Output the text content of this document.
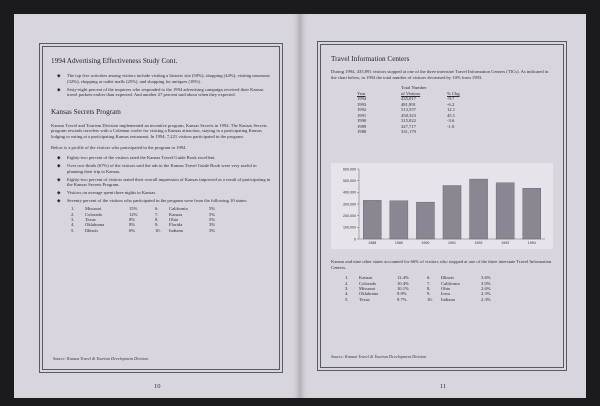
1994 Advertising Effectiveness Study Cont.
◆ The top five activities among visitors include visiting a historic site (50%), shopping (44%), visiting museums (32%), shopping at outlet malls (25%), and shopping for antiques (18%).
◆ Sixty-eight percent of the inquirers who responded to the 1994 advertising campaign received their Kansas travel packets earlier than expected. And another 27 percent said about when they expected.
Kansas Secrets Program

Kansas Travel and Tourism Division implemented an incentive program, Kansas Secrets in 1992. The Kansas Secrets program rewards travelers with a Coleman cooler for visiting a Kansas attraction, staying in a participating Kansas lodging or eating at a participating Kansas restaurant. In 1994, 7,221 visitors participated in the program.

Below is a profile of the visitors who participated in the program in 1994.

◆ Eighty-two percent of the visitors rated the Kansas Travel Guide Book excellent.
◆ Over two-thirds (67%) of the visitors said the ads in the Kansas Travel Guide Book were very useful in planning their trip to Kansas.
◆ Eighty-two percent of visitors stated their overall impression of Kansas improved as a result of participating in the Kansas Secrets Program.
◆ Visitors on average spent three nights in Kansas.
◆ Seventy percent of the visitors who participated in the program were from the following 10 states:
1.	Missouri	15%	6.	California	5%
2.	Colorado	12%	7.	Kansas	5%
3.	Texas	8%	8.	Ohio	5%
4.	Oklahoma	8%	9.	Florida	3%
5.	Illinois	6%	10.	Indiana	3%
Source: Kansas Travel & Tourism Development Division
10
Travel Information Centers

During 1994, 435,891 visitors stopped at one of the three interstate Travel Information Centers (TICs). As indicated in the chart below, in 1994 the total number of visitors decreased by 10% from 1993.

Total Number
Year	of Visitors	% Chg
1994	435,017	-9.7
1993	481,891	-6.2
1992	513,557	12.1
1991	458,323	45.1
1990	315,822	-3.6
1989	327,717	-1.0
1988	331,179	
0
100,000
200,000
300,000
400,000
500,000
600,000
1988	1989	1990	1991	1992	1993	1994

Kansas and nine other states accounted for 66% of visitors who stopped at one of the three interstate Travel Information Centers.

1.	Kansas	12.4%	6.	Illinois	3.6%
2.	Colorado	10.4%	7.	California	3.0%
3.	Missouri	10.1%	8.	Ohio	2.6%
4.	Oklahoma	9.8%	9.	Iowa	2.3%
5.	Texas	9.7%	10.	Indiana	2.3%
Source: Kansas Travel & Tourism Development Division
11
